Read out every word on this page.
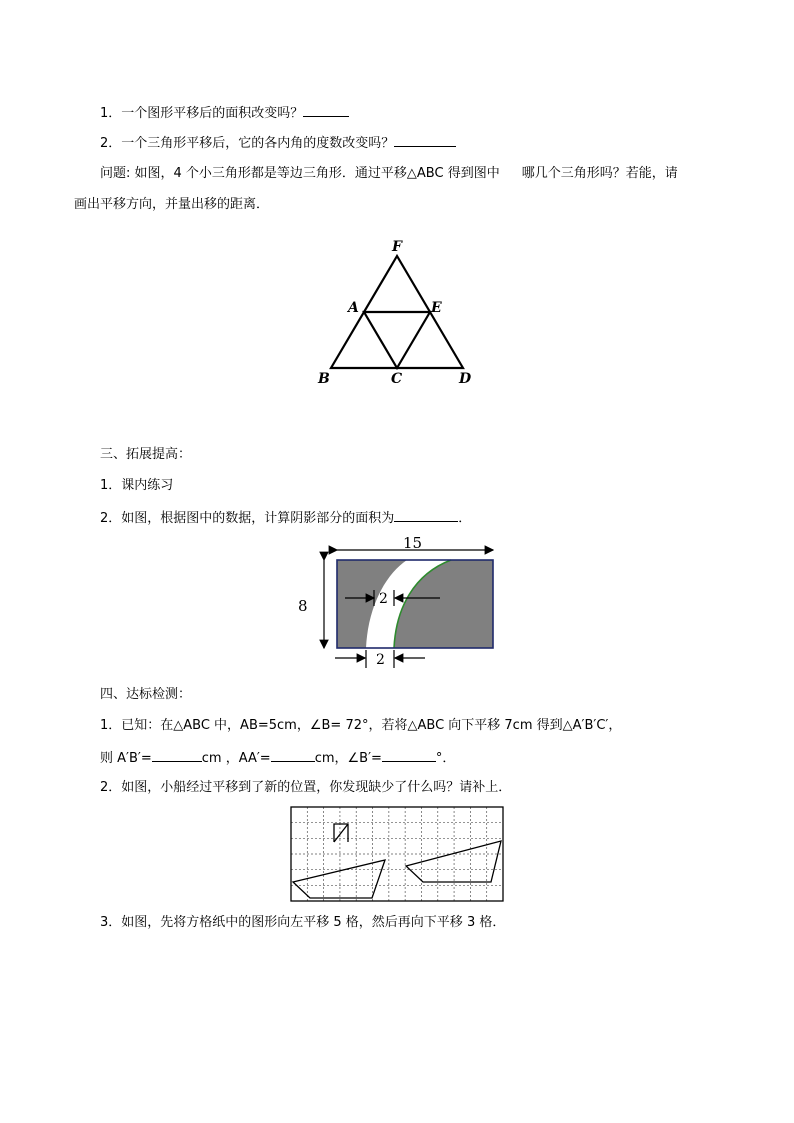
1．一个图形平移后的面积改变吗？
2．一个三角形平移后，它的各内角的度数改变吗？
问题: 如图，4 个小三角形都是等边三角形．通过平移△ABC 得到图中 哪几个三角形吗？若能，请
画出平移方向，并量出移的距离．
F
A	E
B	C	D
三、拓展提高：
1．课内练习
2．如图，根据图中的数据，计算阴影部分的面积为	．
15
8	2
2
四、达标检测：
1．已知：在△ABC 中，AB=5cm，∠B= 72°，若将△ABC 向下平移 7cm 得到△A′B′C′，
则 A′B′=	cm ，AA′=	cm，∠B′=	°．
2．如图，小船经过平移到了新的位置，你发现缺少了什么吗？请补上．
3．如图，先将方格纸中的图形向左平移 5 格，然后再向下平移 3 格．
